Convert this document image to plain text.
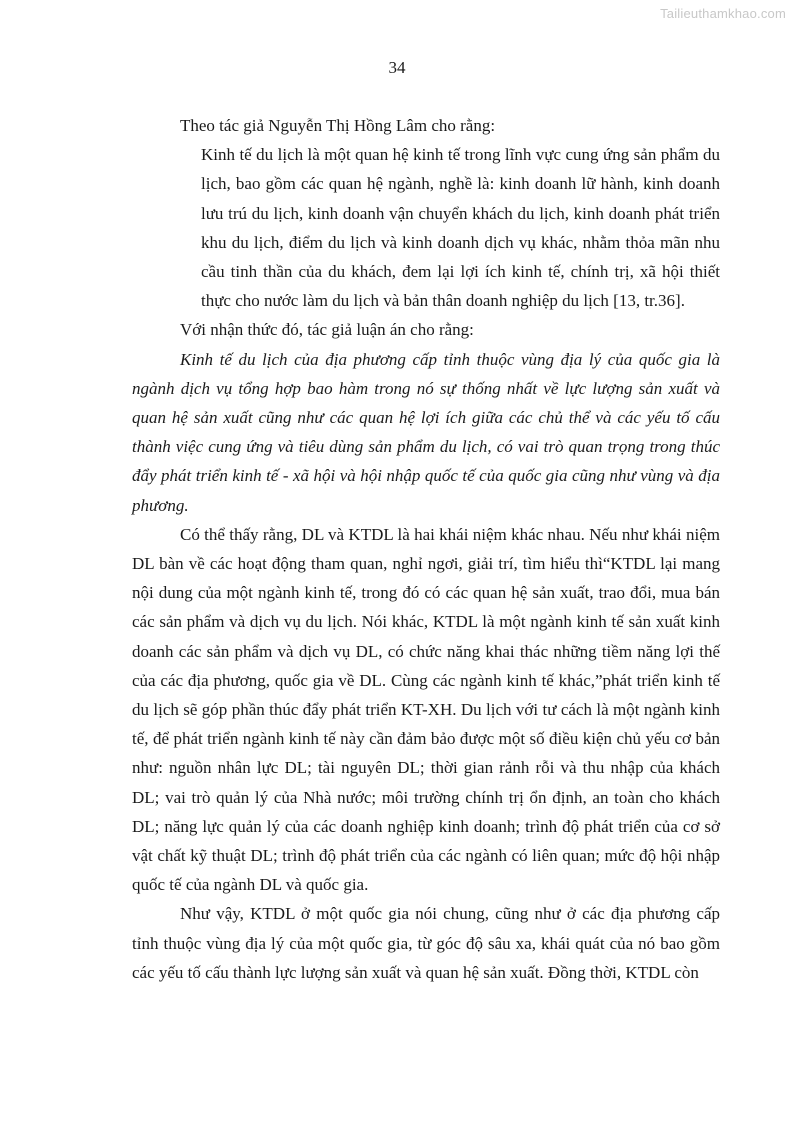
Tailieuthamkhao.com
34

Theo tác giả Nguyễn Thị Hồng Lâm cho rằng:

Kinh tế du lịch là một quan hệ kinh tế trong lĩnh vực cung ứng sản phẩm du lịch, bao gồm các quan hệ ngành, nghề là: kinh doanh lữ hành, kinh doanh lưu trú du lịch, kinh doanh vận chuyển khách du lịch, kinh doanh phát triển khu du lịch, điểm du lịch và kinh doanh dịch vụ khác, nhằm thỏa mãn nhu cầu tinh thần của du khách, đem lại lợi ích kinh tế, chính trị, xã hội thiết thực cho nước làm du lịch và bản thân doanh nghiệp du lịch [13, tr.36].

Với nhận thức đó, tác giả luận án cho rằng:

Kinh tế du lịch của địa phương cấp tỉnh thuộc vùng địa lý của quốc gia là ngành dịch vụ tổng hợp bao hàm trong nó sự thống nhất về lực lượng sản xuất và quan hệ sản xuất cũng như các quan hệ lợi ích giữa các chủ thể và các yếu tố cấu thành việc cung ứng và tiêu dùng sản phẩm du lịch, có vai trò quan trọng trong thúc đẩy phát triển kinh tế - xã hội và hội nhập quốc tế của quốc gia cũng như vùng và địa phương.

Có thể thấy rằng, DL và KTDL là hai khái niệm khác nhau. Nếu như khái niệm DL bàn về các hoạt động tham quan, nghỉ ngơi, giải trí, tìm hiểu thì“KTDL lại mang nội dung của một ngành kinh tế, trong đó có các quan hệ sản xuất, trao đổi, mua bán các sản phẩm và dịch vụ du lịch. Nói khác, KTDL là một ngành kinh tế sản xuất kinh doanh các sản phẩm và dịch vụ DL, có chức năng khai thác những tiềm năng lợi thế của các địa phương, quốc gia về DL. Cùng các ngành kinh tế khác,”phát triển kinh tế du lịch sẽ góp phần thúc đẩy phát triển KT-XH. Du lịch với tư cách là một ngành kinh tế, để phát triển ngành kinh tế này cần đảm bảo được một số điều kiện chủ yếu cơ bản như: nguồn nhân lực DL; tài nguyên DL; thời gian rảnh rỗi và thu nhập của khách DL; vai trò quản lý của Nhà nước; môi trường chính trị ổn định, an toàn cho khách DL; năng lực quản lý của các doanh nghiệp kinh doanh; trình độ phát triển của cơ sở vật chất kỹ thuật DL; trình độ phát triển của các ngành có liên quan; mức độ hội nhập quốc tế của ngành DL và quốc gia.

Như vậy, KTDL ở một quốc gia nói chung, cũng như ở các địa phương cấp tỉnh thuộc vùng địa lý của một quốc gia, từ góc độ sâu xa, khái quát của nó bao gồm các yếu tố cấu thành lực lượng sản xuất và quan hệ sản xuất. Đồng thời, KTDL còn
